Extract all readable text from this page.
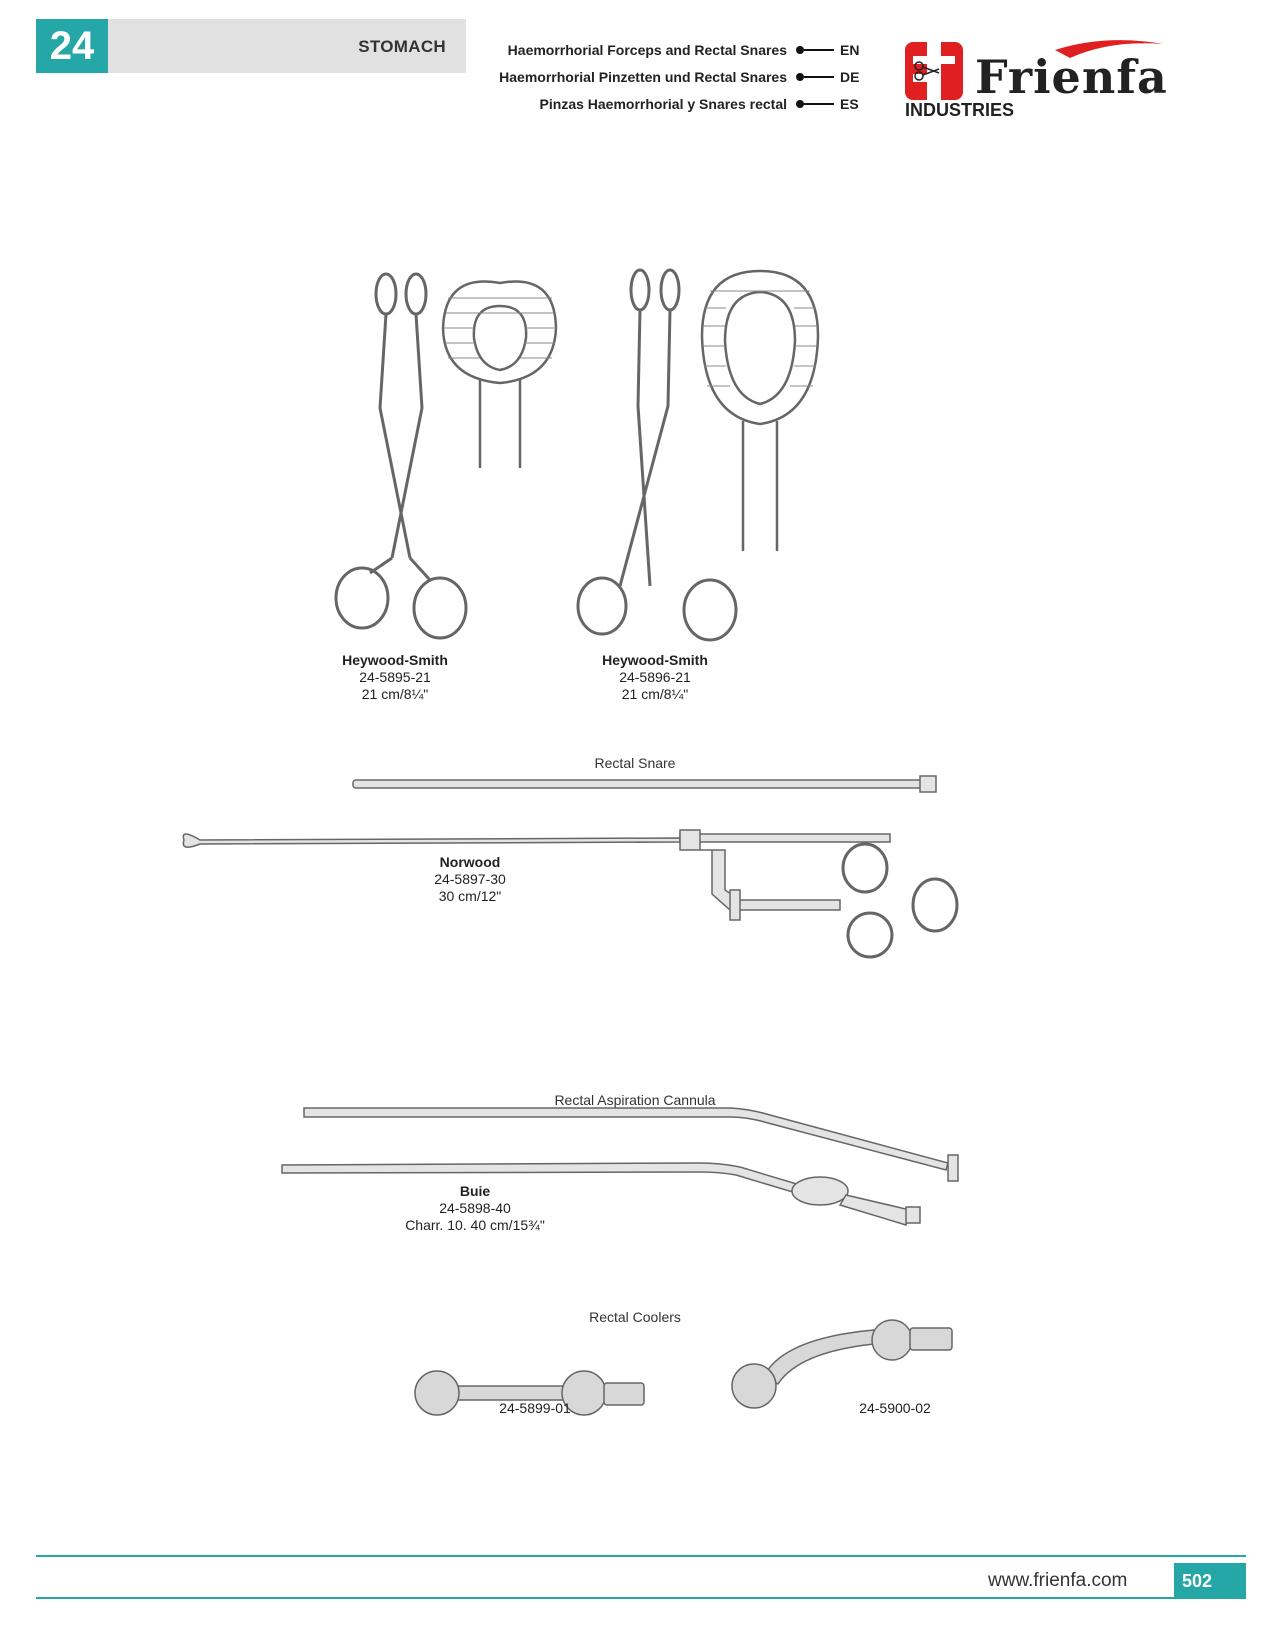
24	STOMACH	Haemorrhorial Forceps and Rectal Snares	EN
Haemorrhorial Pinzetten und Rectal Snares	DE
Pinzas Haemorrhorial y Snares rectal	ES	Frienfa
INDUSTRIES
Heywood-Smith
24-5895-21
21 cm/8¼"
Heywood-Smith
24-5896-21
21 cm/8¼"
Rectal Snare
Norwood
24-5897-30
30 cm/12"
Rectal Aspiration Cannula
Buie
24-5898-40
Charr. 10. 40 cm/15¾"
Rectal Coolers
24-5899-01	24-5900-02
www.frienfa.com	502
